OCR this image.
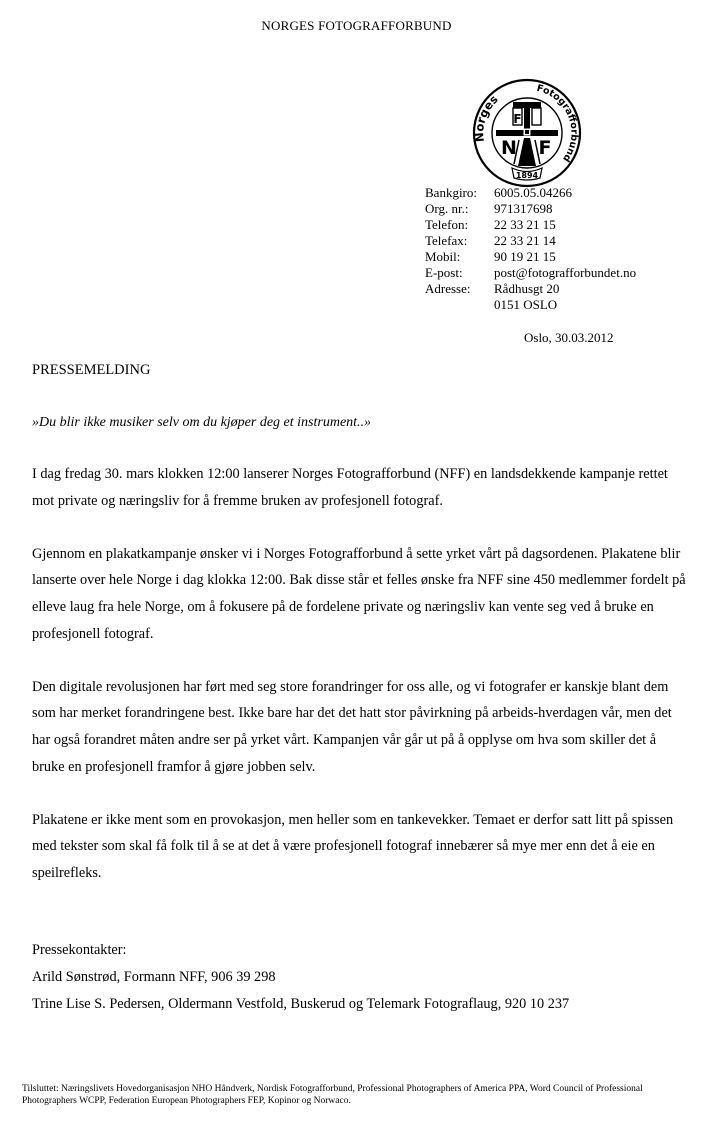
NORGES FOTOGRAFFORBUND
Norges
Fotografforbund
F
N F
1894
Bankgiro:	6005.05.04266
Org. nr.:	971317698
Telefon:	22 33 21 15
Telefax:	22 33 21 14
Mobil:	90 19 21 15
E-post:	post@fotografforbundet.no
Adresse:	Rådhusgt 20
0151 OSLO
Oslo, 30.03.2012
PRESSEMELDING
»Du blir ikke musiker selv om du kjøper deg et instrument..»

I dag fredag 30. mars klokken 12:00 lanserer Norges Fotografforbund (NFF) en landsdekkende kampanje rettet mot private og næringsliv for å fremme bruken av profesjonell fotograf.

Gjennom en plakatkampanje ønsker vi i Norges Fotografforbund å sette yrket vårt på dagsordenen. Plakatene blir lanserte over hele Norge i dag klokka 12:00. Bak disse står et felles ønske fra NFF sine 450 medlemmer fordelt på elleve laug fra hele Norge, om å fokusere på de fordelene private og næringsliv kan vente seg ved å bruke en profesjonell fotograf.

Den digitale revolusjonen har ført med seg store forandringer for oss alle, og vi fotografer er kanskje blant dem som har merket forandringene best. Ikke bare har det det hatt stor påvirkning på arbeids-hverdagen vår, men det har også forandret måten andre ser på yrket vårt. Kampanjen vår går ut på å opplyse om hva som skiller det å bruke en profesjonell framfor å gjøre jobben selv.

Plakatene er ikke ment som en provokasjon, men heller som en tankevekker. Temaet er derfor satt litt på spissen med tekster som skal få folk til å se at det å være profesjonell fotograf innebærer så mye mer enn det å eie en speilrefleks.

Pressekontakter:
Arild Sønstrød, Formann NFF, 906 39 298
Trine Lise S. Pedersen, Oldermann Vestfold, Buskerud og Telemark Fotograflaug, 920 10 237
Tilsluttet: Næringslivets Hovedorganisasjon NHO Håndverk, Nordisk Fotografforbund, Professional Photographers of America PPA, Word Council of Professional Photographers WCPP, Federation European Photographers FEP, Kopinor og Norwaco.
